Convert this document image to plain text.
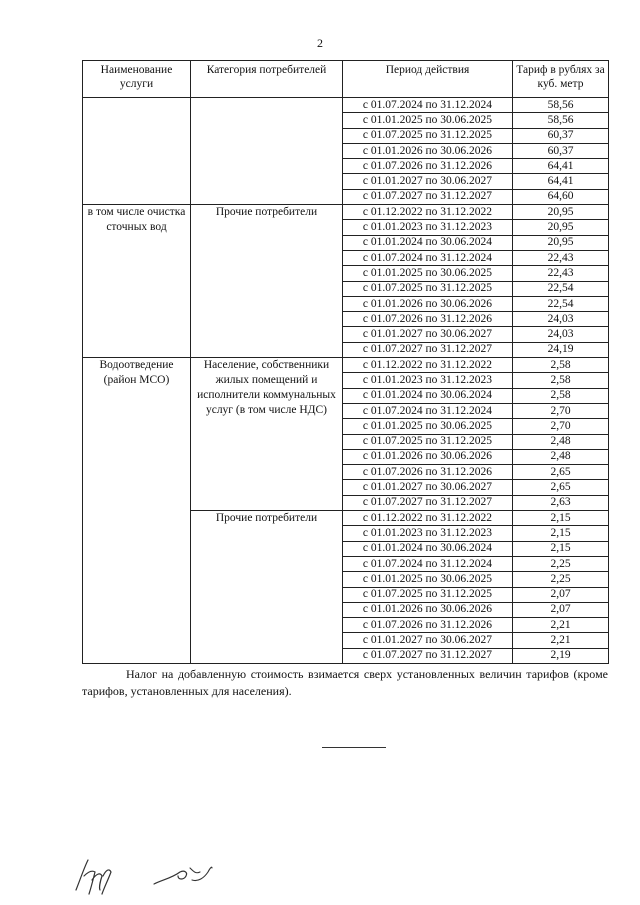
2
Наименование услуги	Категория потребителей	Период действия	Тариф в рублях за куб. метр
		с 01.07.2024 по 31.12.2024	58,56
		с 01.01.2025 по 30.06.2025	58,56
		с 01.07.2025 по 31.12.2025	60,37
		с 01.01.2026 по 30.06.2026	60,37
		с 01.07.2026 по 31.12.2026	64,41
		с 01.01.2027 по 30.06.2027	64,41
		с 01.07.2027 по 31.12.2027	64,60
в том числе очистка сточных вод	Прочие потребители	с 01.12.2022 по 31.12.2022	20,95
		с 01.01.2023 по 31.12.2023	20,95
		с 01.01.2024 по 30.06.2024	20,95
		с 01.07.2024 по 31.12.2024	22,43
		с 01.01.2025 по 30.06.2025	22,43
		с 01.07.2025 по 31.12.2025	22,54
		с 01.01.2026 по 30.06.2026	22,54
		с 01.07.2026 по 31.12.2026	24,03
		с 01.01.2027 по 30.06.2027	24,03
		с 01.07.2027 по 31.12.2027	24,19
Водоотведение (район МСО)	Население, собственники жилых помещений и исполнители коммунальных услуг (в том числе НДС)	с 01.12.2022 по 31.12.2022	2,58
		с 01.01.2023 по 31.12.2023	2,58
		с 01.01.2024 по 30.06.2024	2,58
		с 01.07.2024 по 31.12.2024	2,70
		с 01.01.2025 по 30.06.2025	2,70
		с 01.07.2025 по 31.12.2025	2,48
		с 01.01.2026 по 30.06.2026	2,48
		с 01.07.2026 по 31.12.2026	2,65
		с 01.01.2027 по 30.06.2027	2,65
		с 01.07.2027 по 31.12.2027	2,63
	Прочие потребители	с 01.12.2022 по 31.12.2022	2,15
		с 01.01.2023 по 31.12.2023	2,15
		с 01.01.2024 по 30.06.2024	2,15
		с 01.07.2024 по 31.12.2024	2,25
		с 01.01.2025 по 30.06.2025	2,25
		с 01.07.2025 по 31.12.2025	2,07
		с 01.01.2026 по 30.06.2026	2,07
		с 01.07.2026 по 31.12.2026	2,21
		с 01.01.2027 по 30.06.2027	2,21
		с 01.07.2027 по 31.12.2027	2,19
Налог на добавленную стоимость взимается сверх установленных величин тарифов (кроме тарифов, установленных для населения).
